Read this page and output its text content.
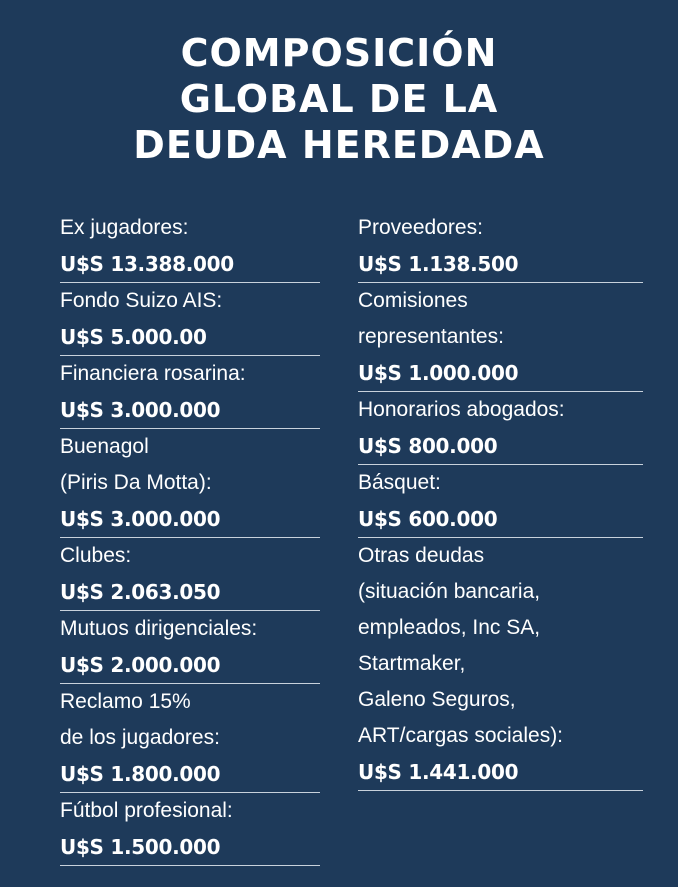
COMPOSICIÓN
GLOBAL DE LA
DEUDA HEREDADA
Ex jugadores:
U$S 13.388.000
Fondo Suizo AIS:
U$S 5.000.00
Financiera rosarina:
U$S 3.000.000
Buenagol
(Piris Da Motta):
U$S 3.000.000
Clubes:
U$S 2.063.050
Mutuos dirigenciales:
U$S 2.000.000
Reclamo 15%
de los jugadores:
U$S 1.800.000
Fútbol profesional:
U$S 1.500.000
Proveedores:
U$S 1.138.500
Comisiones
representantes:
U$S 1.000.000
Honorarios abogados:
U$S 800.000
Básquet:
U$S 600.000
Otras deudas
(situación bancaria,
empleados, Inc SA,
Startmaker,
Galeno Seguros,
ART/cargas sociales):
U$S 1.441.000
